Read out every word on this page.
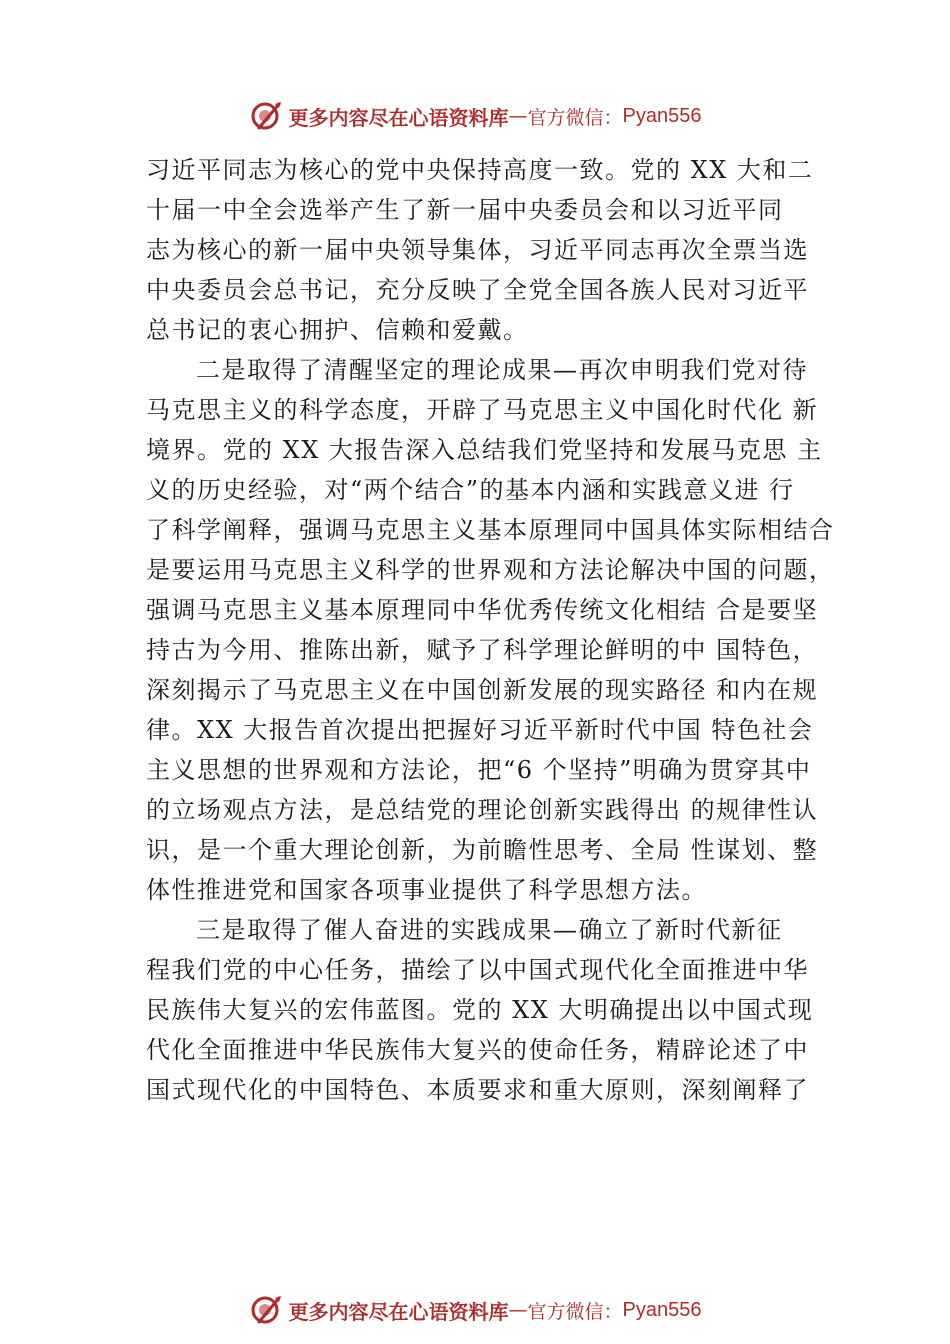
更多内容尽在心语资料库 — 官方微信： Pyan556
习近平同志为核心的党中央保持高度一致。党的 XX 大和二
十届一中全会选举产生了新一届中央委员会和以习近平同
志为核心的新一届中央领导集体，习近平同志再次全票当选
中央委员会总书记，充分反映了全党全国各族人民对习近平
总书记的衷心拥护、信赖和爱戴。
二是取得了清醒坚定的理论成果—再次申明我们党对待
马克思主义的科学态度，开辟了马克思主义中国化时代化 新
境界。党的 XX 大报告深入总结我们党坚持和发展马克思 主
义的历史经验，对“两个结合”的基本内涵和实践意义进 行
了科学阐释，强调马克思主义基本原理同中国具体实际相结合
是要运用马克思主义科学的世界观和方法论解决中国的问题，
强调马克思主义基本原理同中华优秀传统文化相结 合是要坚
持古为今用、推陈出新，赋予了科学理论鲜明的中 国特色，
深刻揭示了马克思主义在中国创新发展的现实路径 和内在规
律。XX 大报告首次提出把握好习近平新时代中国 特色社会
主义思想的世界观和方法论，把“6 个坚持”明确为贯穿其中
的立场观点方法，是总结党的理论创新实践得出 的规律性认
识，是一个重大理论创新，为前瞻性思考、全局 性谋划、整
体性推进党和国家各项事业提供了科学思想方法。
三是取得了催人奋进的实践成果—确立了新时代新征
程我们党的中心任务，描绘了以中国式现代化全面推进中华
民族伟大复兴的宏伟蓝图。党的 XX 大明确提出以中国式现
代化全面推进中华民族伟大复兴的使命任务，精辟论述了中
国式现代化的中国特色、本质要求和重大原则，深刻阐释了
更多内容尽在心语资料库 — 官方微信： Pyan556
